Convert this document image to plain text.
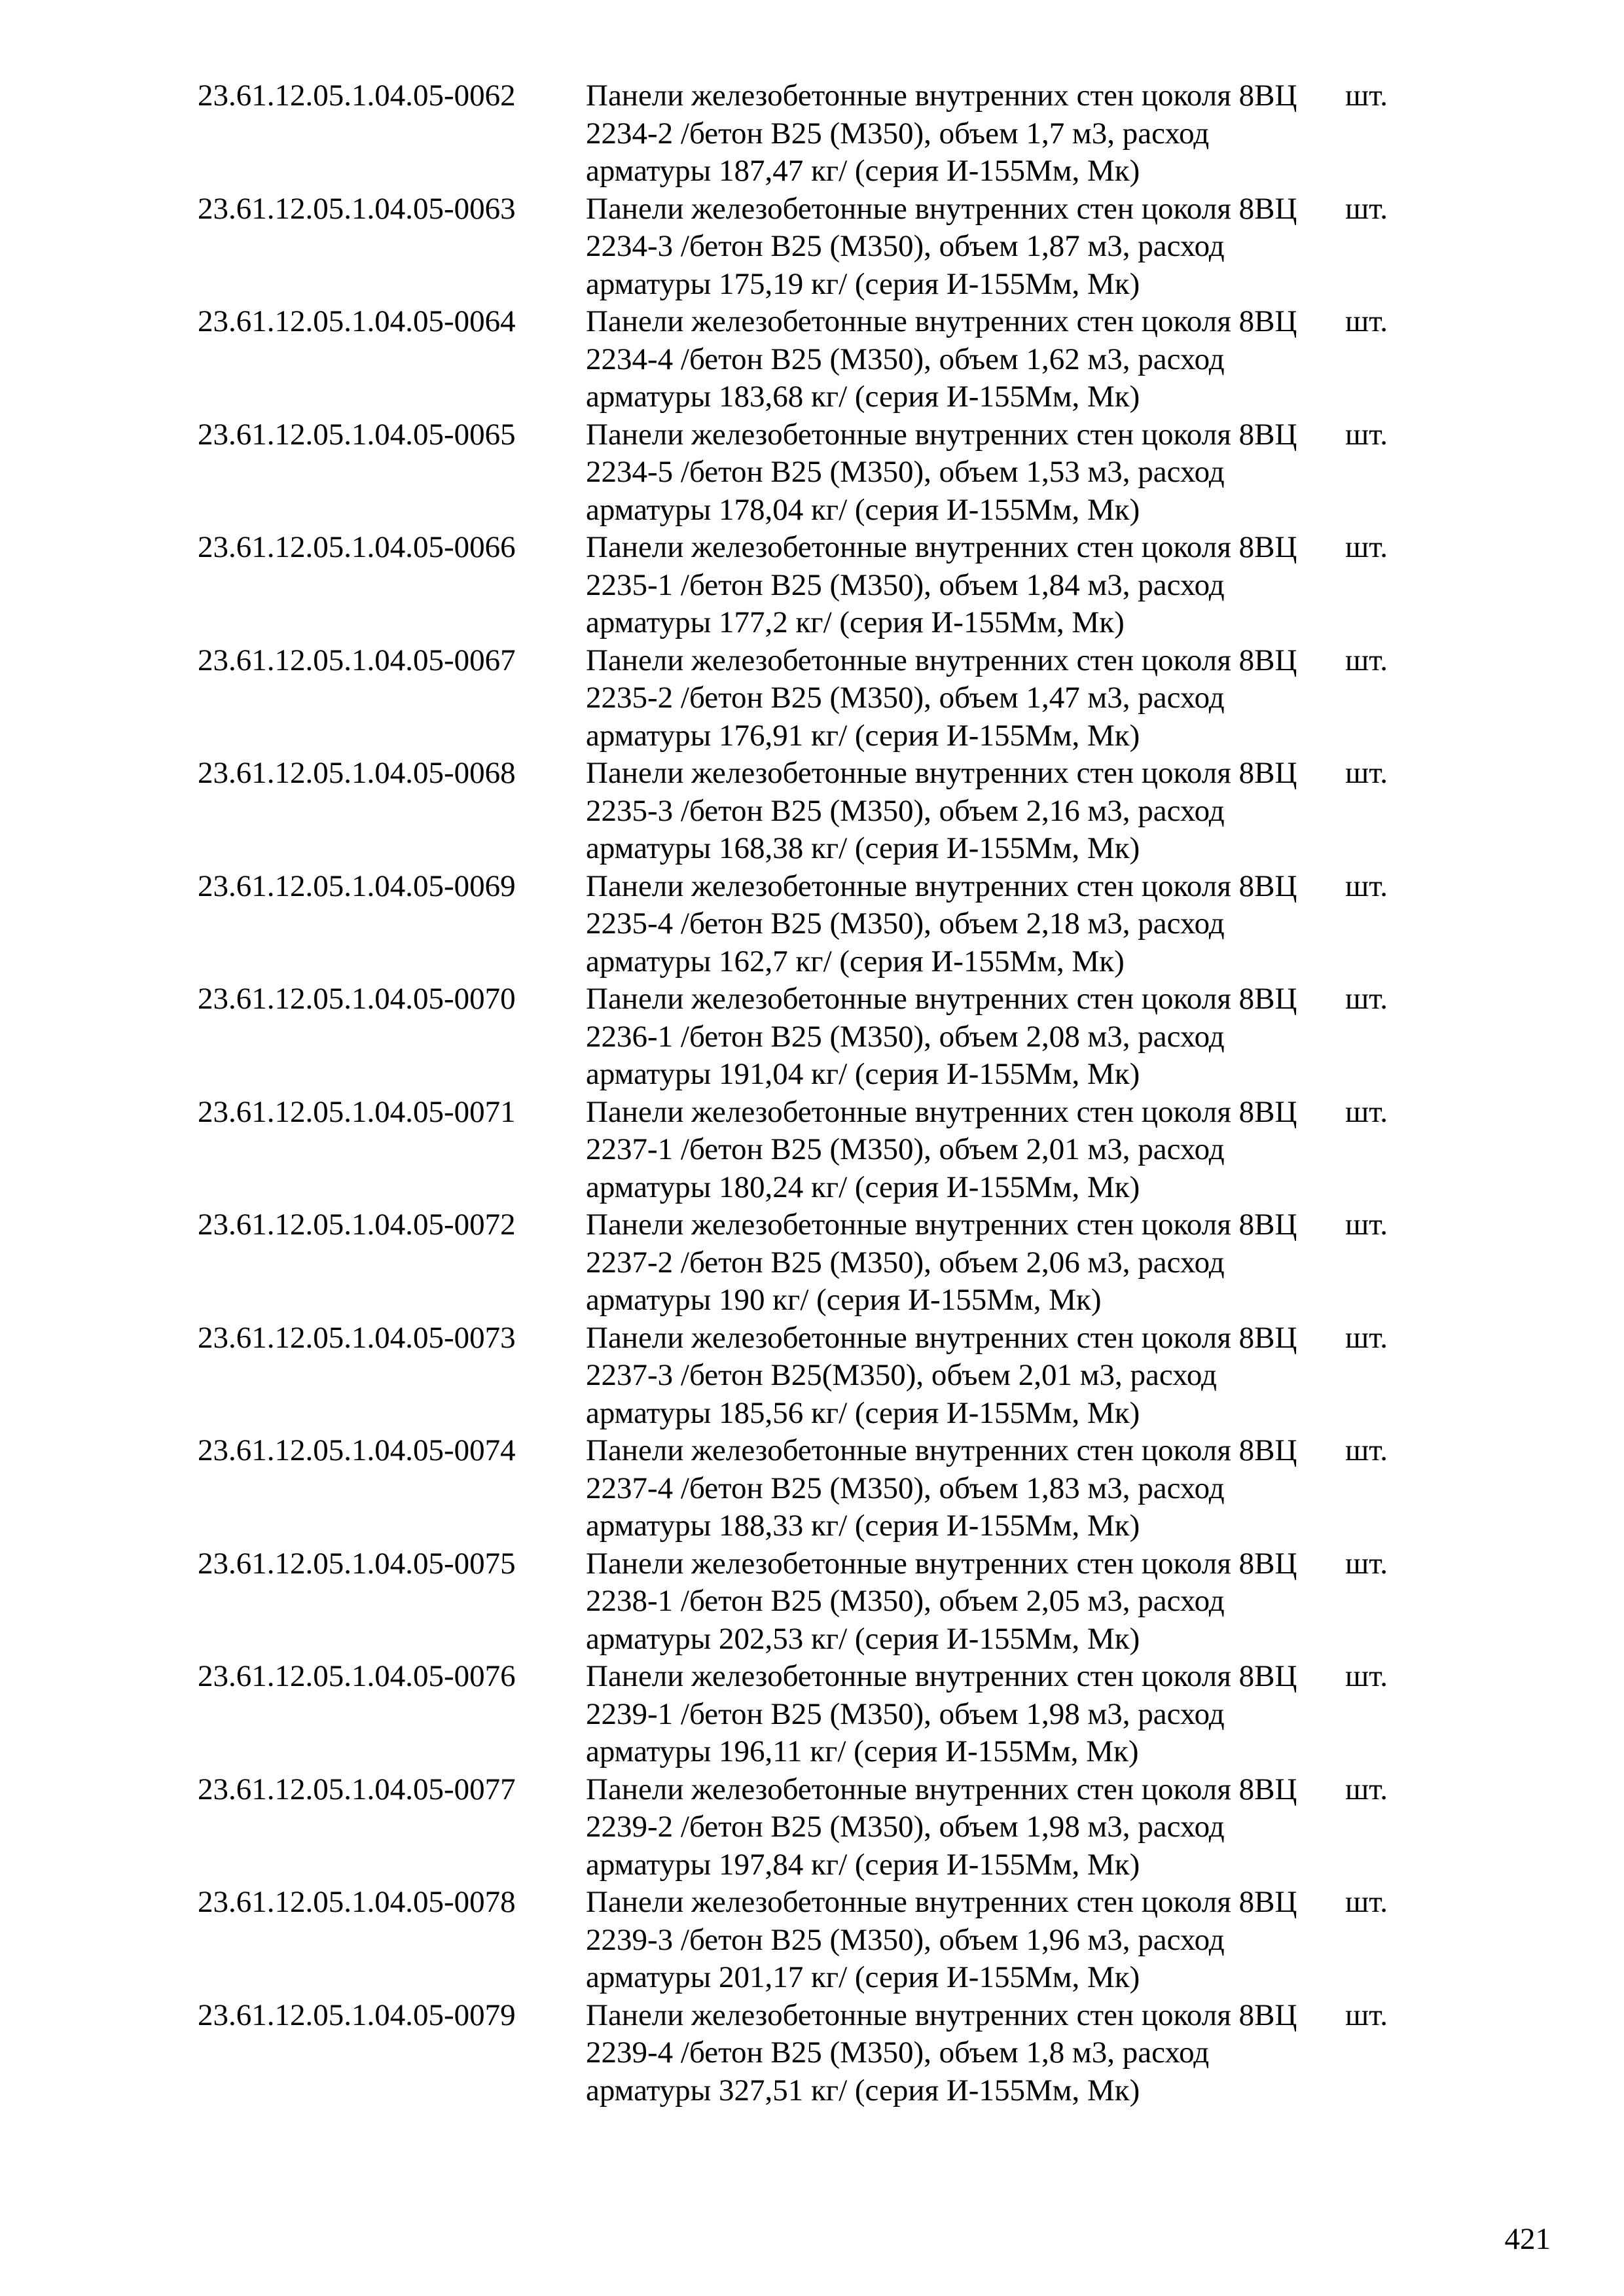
23.61.12.05.1.04.05-0062	Панели железобетонные внутренних стен цоколя 8ВЦ
2234-2 /бетон В25 (М350), объем 1,7 м3, расход
арматуры 187,47 кг/ (серия И-155Мм, Мк)
шт.
23.61.12.05.1.04.05-0063	Панели железобетонные внутренних стен цоколя 8ВЦ
2234-3 /бетон В25 (М350), объем 1,87 м3, расход
арматуры 175,19 кг/ (серия И-155Мм, Мк)
шт.
23.61.12.05.1.04.05-0064	Панели железобетонные внутренних стен цоколя 8ВЦ
2234-4 /бетон В25 (М350), объем 1,62 м3, расход
арматуры 183,68 кг/ (серия И-155Мм, Мк)
шт.
23.61.12.05.1.04.05-0065	Панели железобетонные внутренних стен цоколя 8ВЦ
2234-5 /бетон В25 (М350), объем 1,53 м3, расход
арматуры 178,04 кг/ (серия И-155Мм, Мк)
шт.
23.61.12.05.1.04.05-0066	Панели железобетонные внутренних стен цоколя 8ВЦ
2235-1 /бетон В25 (М350), объем 1,84 м3, расход
арматуры 177,2 кг/ (серия И-155Мм, Мк)
шт.
23.61.12.05.1.04.05-0067	Панели железобетонные внутренних стен цоколя 8ВЦ
2235-2 /бетон В25 (М350), объем 1,47 м3, расход
арматуры 176,91 кг/ (серия И-155Мм, Мк)
шт.
23.61.12.05.1.04.05-0068	Панели железобетонные внутренних стен цоколя 8ВЦ
2235-3 /бетон В25 (М350), объем 2,16 м3, расход
арматуры 168,38 кг/ (серия И-155Мм, Мк)
шт.
23.61.12.05.1.04.05-0069	Панели железобетонные внутренних стен цоколя 8ВЦ
2235-4 /бетон В25 (М350), объем 2,18 м3, расход
арматуры 162,7 кг/ (серия И-155Мм, Мк)
шт.
23.61.12.05.1.04.05-0070	Панели железобетонные внутренних стен цоколя 8ВЦ
2236-1 /бетон В25 (М350), объем 2,08 м3, расход
арматуры 191,04 кг/ (серия И-155Мм, Мк)
шт.
23.61.12.05.1.04.05-0071	Панели железобетонные внутренних стен цоколя 8ВЦ
2237-1 /бетон В25 (М350), объем 2,01 м3, расход
арматуры 180,24 кг/ (серия И-155Мм, Мк)
шт.
23.61.12.05.1.04.05-0072	Панели железобетонные внутренних стен цоколя 8ВЦ
2237-2 /бетон В25 (М350), объем 2,06 м3, расход
арматуры 190 кг/ (серия И-155Мм, Мк)
шт.
23.61.12.05.1.04.05-0073	Панели железобетонные внутренних стен цоколя 8ВЦ
2237-3 /бетон В25(М350), объем 2,01 м3, расход
арматуры 185,56 кг/ (серия И-155Мм, Мк)
шт.
23.61.12.05.1.04.05-0074	Панели железобетонные внутренних стен цоколя 8ВЦ
2237-4 /бетон В25 (М350), объем 1,83 м3, расход
арматуры 188,33 кг/ (серия И-155Мм, Мк)
шт.
23.61.12.05.1.04.05-0075	Панели железобетонные внутренних стен цоколя 8ВЦ
2238-1 /бетон В25 (М350), объем 2,05 м3, расход
арматуры 202,53 кг/ (серия И-155Мм, Мк)
шт.
23.61.12.05.1.04.05-0076	Панели железобетонные внутренних стен цоколя 8ВЦ
2239-1 /бетон В25 (М350), объем 1,98 м3, расход
арматуры 196,11 кг/ (серия И-155Мм, Мк)
шт.
23.61.12.05.1.04.05-0077	Панели железобетонные внутренних стен цоколя 8ВЦ
2239-2 /бетон В25 (М350), объем 1,98 м3, расход
арматуры 197,84 кг/ (серия И-155Мм, Мк)
шт.
23.61.12.05.1.04.05-0078	Панели железобетонные внутренних стен цоколя 8ВЦ
2239-3 /бетон В25 (М350), объем 1,96 м3, расход
арматуры 201,17 кг/ (серия И-155Мм, Мк)
шт.
23.61.12.05.1.04.05-0079	Панели железобетонные внутренних стен цоколя 8ВЦ
2239-4 /бетон В25 (М350), объем 1,8 м3, расход
арматуры 327,51 кг/ (серия И-155Мм, Мк)
шт.
421
